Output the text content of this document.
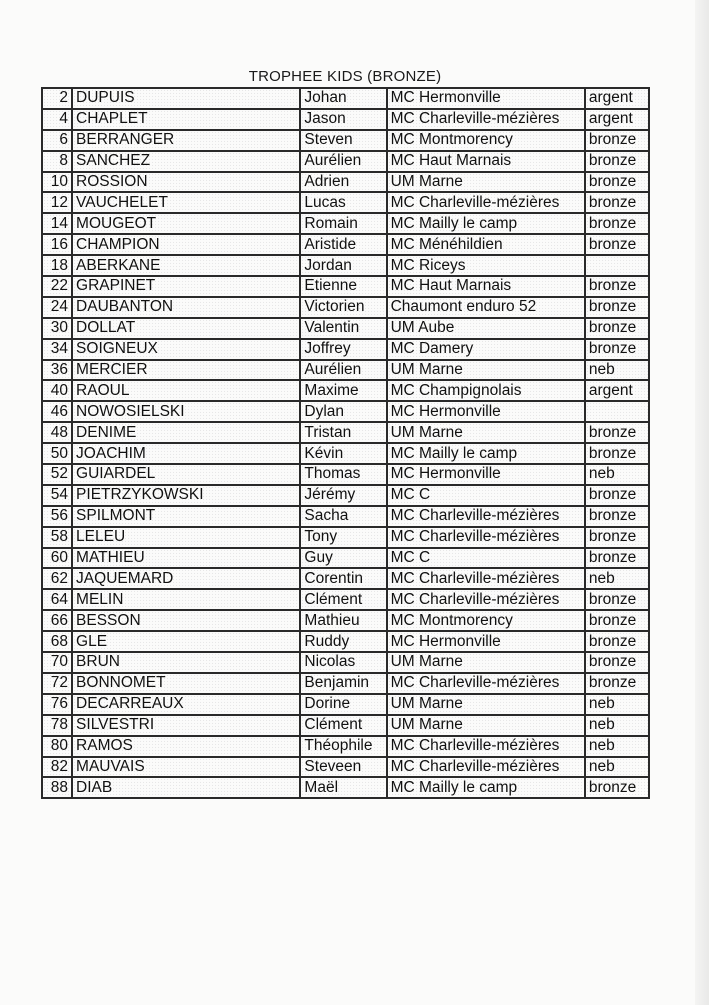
TROPHEE KIDS (BRONZE)
2	DUPUIS	Johan	MC Hermonville	argent
4	CHAPLET	Jason	MC Charleville-mézières	argent
6	BERRANGER	Steven	MC Montmorency	bronze
8	SANCHEZ	Aurélien	MC Haut Marnais	bronze
10	ROSSION	Adrien	UM Marne	bronze
12	VAUCHELET	Lucas	MC Charleville-mézières	bronze
14	MOUGEOT	Romain	MC Mailly le camp	bronze
16	CHAMPION	Aristide	MC Ménéhildien	bronze
18	ABERKANE	Jordan	MC Riceys	
22	GRAPINET	Etienne	MC Haut Marnais	bronze
24	DAUBANTON	Victorien	Chaumont enduro 52	bronze
30	DOLLAT	Valentin	UM Aube	bronze
34	SOIGNEUX	Joffrey	MC Damery	bronze
36	MERCIER	Aurélien	UM Marne	neb
40	RAOUL	Maxime	MC Champignolais	argent
46	NOWOSIELSKI	Dylan	MC Hermonville	
48	DENIME	Tristan	UM Marne	bronze
50	JOACHIM	Kévin	MC Mailly le camp	bronze
52	GUIARDEL	Thomas	MC Hermonville	neb
54	PIETRZYKOWSKI	Jérémy	MC C	bronze
56	SPILMONT	Sacha	MC Charleville-mézières	bronze
58	LELEU	Tony	MC Charleville-mézières	bronze
60	MATHIEU	Guy	MC C	bronze
62	JAQUEMARD	Corentin	MC Charleville-mézières	neb
64	MELIN	Clément	MC Charleville-mézières	bronze
66	BESSON	Mathieu	MC Montmorency	bronze
68	GLE	Ruddy	MC Hermonville	bronze
70	BRUN	Nicolas	UM Marne	bronze
72	BONNOMET	Benjamin	MC Charleville-mézières	bronze
76	DECARREAUX	Dorine	UM Marne	neb
78	SILVESTRI	Clément	UM Marne	neb
80	RAMOS	Théophile	MC Charleville-mézières	neb
82	MAUVAIS	Steveen	MC Charleville-mézières	neb
88	DIAB	Maël	MC Mailly le camp	bronze
